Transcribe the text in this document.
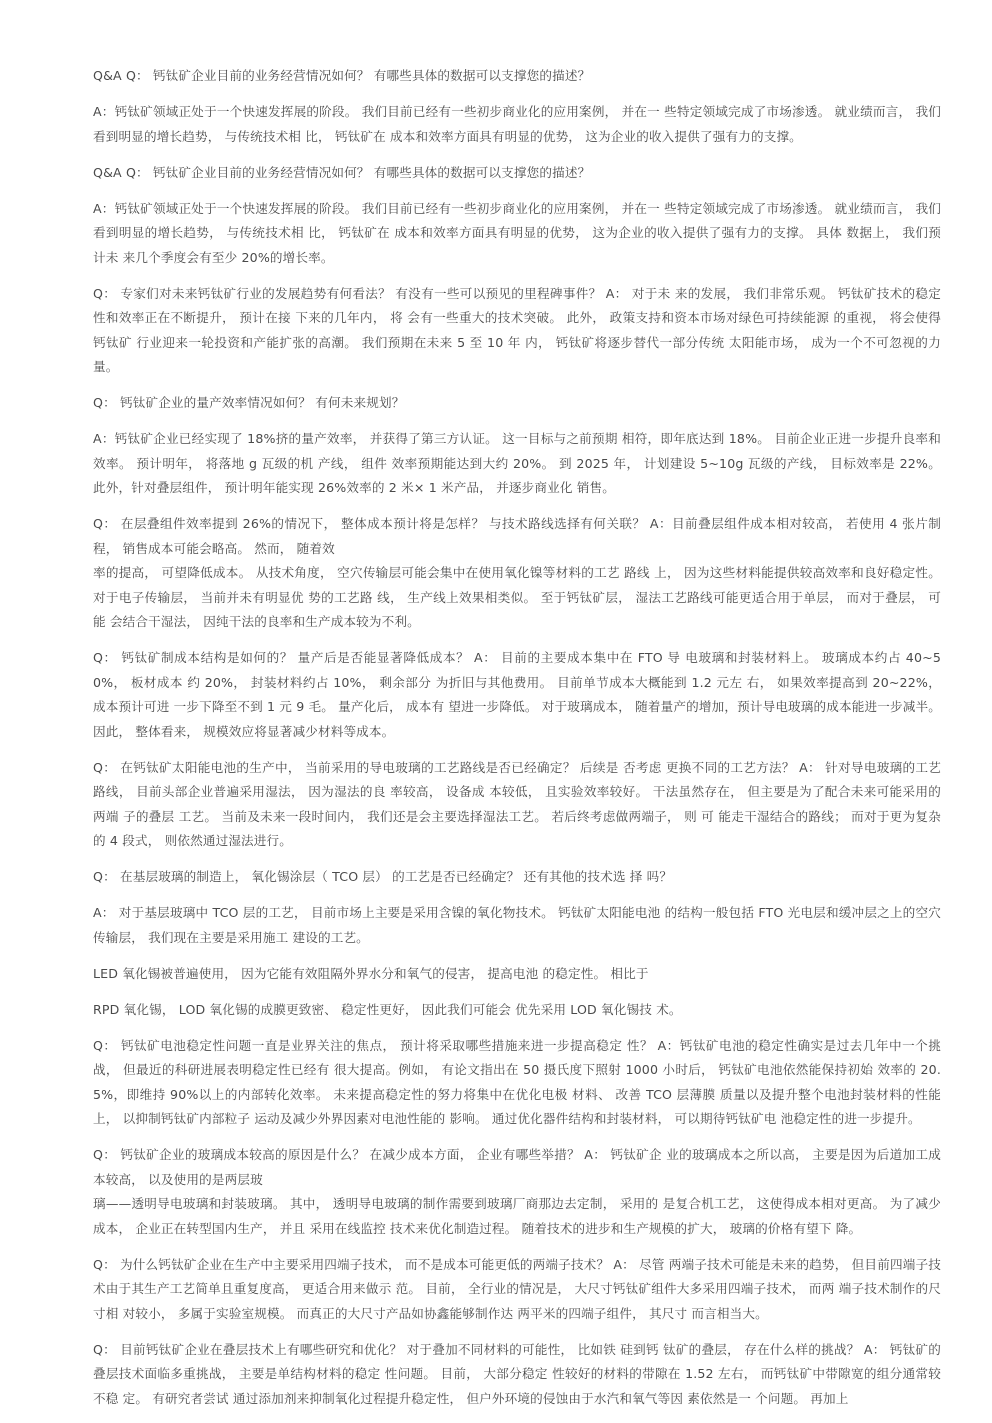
Q&A Q： 钙钛矿企业目前的业务经营情况如何？ 有哪些具体的数据可以支撑您的描述？

A：钙钛矿领域正处于一个快速发挥展的阶段。 我们目前已经有一些初步商业化的应用案例， 并在一 些特定领域完成了市场渗透。 就业绩而言， 我们看到明显的增长趋势， 与传统技术相 比， 钙钛矿在 成本和效率方面具有明显的优势， 这为企业的收入提供了强有力的支撑。

Q&A Q： 钙钛矿企业目前的业务经营情况如何？ 有哪些具体的数据可以支撑您的描述？

A：钙钛矿领域正处于一个快速发挥展的阶段。 我们目前已经有一些初步商业化的应用案例， 并在一 些特定领域完成了市场渗透。 就业绩而言， 我们看到明显的增长趋势， 与传统技术相 比， 钙钛矿在 成本和效率方面具有明显的优势， 这为企业的收入提供了强有力的支撑。 具体 数据上， 我们预计未 来几个季度会有至少 20%的增长率。

Q： 专家们对未来钙钛矿行业的发展趋势有何看法？ 有没有一些可以预见的里程碑事件？ A： 对于未 来的发展， 我们非常乐观。 钙钛矿技术的稳定性和效率正在不断提升， 预计在接 下来的几年内， 将 会有一些重大的技术突破。 此外， 政策支持和资本市场对绿色可持续能源 的重视， 将会使得钙钛矿 行业迎来一轮投资和产能扩张的高潮。 我们预期在未来 5 至 10 年 内， 钙钛矿将逐步替代一部分传统 太阳能市场， 成为一个不可忽视的力量。

Q： 钙钛矿企业的量产效率情况如何？ 有何未来规划？

A：钙钛矿企业已经实现了 18%挤的量产效率， 并获得了第三方认证。 这一目标与之前预期 相符，即年底达到 18%。 目前企业正进一步提升良率和效率。 预计明年， 将落地 g 瓦级的机 产线， 组件 效率预期能达到大约 20%。 到 2025 年， 计划建设 5~10g 瓦级的产线， 目标效率是 22%。 此外，针对叠层组件， 预计明年能实现 26%效率的 2 米× 1 米产品， 并逐步商业化 销售。

Q： 在层叠组件效率提到 26%的情况下， 整体成本预计将是怎样？ 与技术路线选择有何关联？ A：目前叠层组件成本相对较高， 若使用 4 张片制程， 销售成本可能会略高。 然而， 随着效
率的提高， 可望降低成本。 从技术角度， 空穴传输层可能会集中在使用氧化镍等材料的工艺 路线 上， 因为这些材料能提供较高效率和良好稳定性。 对于电子传输层， 当前并未有明显优 势的工艺路 线， 生产线上效果相类似。 至于钙钛矿层， 湿法工艺路线可能更适合用于单层， 而对于叠层， 可能 会结合干湿法， 因纯干法的良率和生产成本较为不利。

Q： 钙钛矿制成本结构是如何的？ 量产后是否能显著降低成本？ A： 目前的主要成本集中在 FTO 导 电玻璃和封装材料上。 玻璃成本约占 40~50%， 板材成本 约 20%， 封装材料约占 10%， 剩余部分 为折旧与其他费用。 目前单节成本大概能到 1.2 元左 右， 如果效率提高到 20~22%， 成本预计可进 一步下降至不到 1 元 9 毛。 量产化后， 成本有 望进一步降低。 对于玻璃成本， 随着量产的增加，预计导电玻璃的成本能进一步减半。 因此， 整体看来， 规模效应将显著减少材料等成本。

Q： 在钙钛矿太阳能电池的生产中， 当前采用的导电玻璃的工艺路线是否已经确定？ 后续是 否考虑 更换不同的工艺方法？ A： 针对导电玻璃的工艺路线， 目前头部企业普遍采用湿法， 因为湿法的良 率较高， 设备成 本较低， 且实验效率较好。 干法虽然存在， 但主要是为了配合未来可能采用的两端 子的叠层 工艺。 当前及未来一段时间内， 我们还是会主要选择湿法工艺。 若后终考虑做两端子， 则 可 能走干湿结合的路线； 而对于更为复杂的 4 段式， 则依然通过湿法进行。

Q： 在基层玻璃的制造上， 氧化锡涂层（ TCO 层） 的工艺是否已经确定？ 还有其他的技术选 择 吗？

A： 对于基层玻璃中 TCO 层的工艺， 目前市场上主要是采用含镍的氧化物技术。 钙钛矿太阳能电池 的结构一般包括 FTO 光电层和缓冲层之上的空穴传输层， 我们现在主要是采用施工 建设的工艺。

LED 氧化锡被普遍使用， 因为它能有效阻隔外界水分和氧气的侵害， 提高电池 的稳定性。 相比于

RPD 氧化锡， LOD 氧化锡的成膜更致密、 稳定性更好， 因此我们可能会 优先采用 LOD 氧化锡技 术。

Q： 钙钛矿电池稳定性问题一直是业界关注的焦点， 预计将采取哪些措施来进一步提高稳定 性？ A：钙钛矿电池的稳定性确实是过去几年中一个挑战， 但最近的科研进展表明稳定性已经有 很大提高。例如， 有论文指出在 50 摄氏度下照射 1000 小时后， 钙钛矿电池依然能保持初始 效率的 20.5%，即维持 90%以上的内部转化效率。 未来提高稳定性的努力将集中在优化电极 材料、 改善 TCO 层薄膜 质量以及提升整个电池封装材料的性能上， 以抑制钙钛矿内部粒子 运动及减少外界因素对电池性能的 影响。 通过优化器件结构和封装材料， 可以期待钙钛矿电 池稳定性的进一步提升。

Q： 钙钛矿企业的玻璃成本较高的原因是什么？ 在减少成本方面， 企业有哪些举措？ A： 钙钛矿企 业的玻璃成本之所以高， 主要是因为后道加工成本较高， 以及使用的是两层玻
璃——透明导电玻璃和封装玻璃。 其中， 透明导电玻璃的制作需要到玻璃厂商那边去定制， 采用的 是复合机工艺， 这使得成本相对更高。 为了减少成本， 企业正在转型国内生产， 并且 采用在线监控 技术来优化制造过程。 随着技术的进步和生产规模的扩大， 玻璃的价格有望下 降。

Q： 为什么钙钛矿企业在生产中主要采用四端子技术， 而不是成本可能更低的两端子技术？ A： 尽管 两端子技术可能是未来的趋势， 但目前四端子技术由于其生产工艺简单且重复度高， 更适合用来做示 范。 目前， 全行业的情况是， 大尺寸钙钛矿组件大多采用四端子技术， 而两 端子技术制作的尺寸相 对较小， 多属于实验室规模。 而真正的大尺寸产品如协鑫能够制作达 两平米的四端子组件， 其尺寸 而言相当大。

Q： 目前钙钛矿企业在叠层技术上有哪些研究和优化？ 对于叠加不同材料的可能性， 比如铁 硅到钙 钛矿的叠层， 存在什么样的挑战？ A： 钙钛矿的叠层技术面临多重挑战， 主要是单结构材料的稳定 性问题。 目前， 大部分稳定 性较好的材料的带隙在 1.52 左右， 而钙钛矿中带隙宽的组分通常较不稳 定。 有研究者尝试 通过添加剂来抑制氧化过程提升稳定性， 但户外环境的侵蚀由于水汽和氧气等因 素依然是一 个问题。 再加上
